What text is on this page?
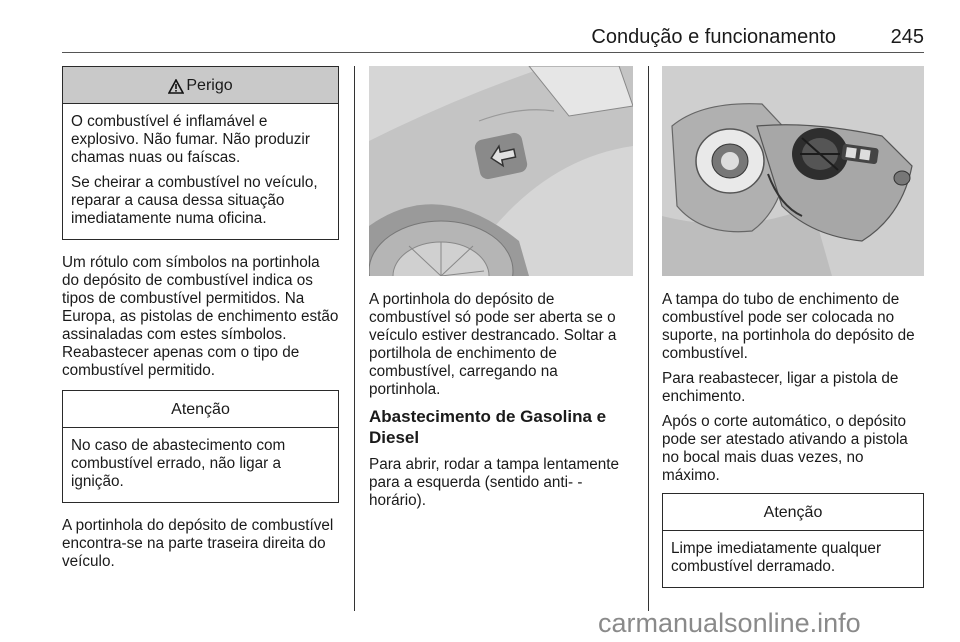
Condução e funcionamento	245
Perigo

O combustível é inflamável e explosivo. Não fumar. Não produzir chamas nuas ou faíscas.

Se cheirar a combustível no veículo, reparar a causa dessa situação imediatamente numa oficina.

Um rótulo com símbolos na portinhola do depósito de combustível indica os tipos de combustível permitidos. Na Europa, as pistolas de enchimento estão assinaladas com estes símbolos. Reabastecer apenas com o tipo de combustível permitido.

Atenção

No caso de abastecimento com combustível errado, não ligar a ignição.

A portinhola do depósito de combustível encontra-se na parte traseira direita do veículo.

A portinhola do depósito de combustível só pode ser aberta se o veículo estiver destrancado. Soltar a portilhola de enchimento de combustível, carregando na portinhola.

Abastecimento de Gasolina e Diesel

Para abrir, rodar a tampa lentamente para a esquerda (sentido anti- -horário).

A tampa do tubo de enchimento de combustível pode ser colocada no suporte, na portinhola do depósito de combustível.

Para reabastecer, ligar a pistola de enchimento.

Após o corte automático, o depósito pode ser atestado ativando a pistola no bocal mais duas vezes, no máximo.

Atenção

Limpe imediatamente qualquer combustível derramado.

carmanualsonline.info
